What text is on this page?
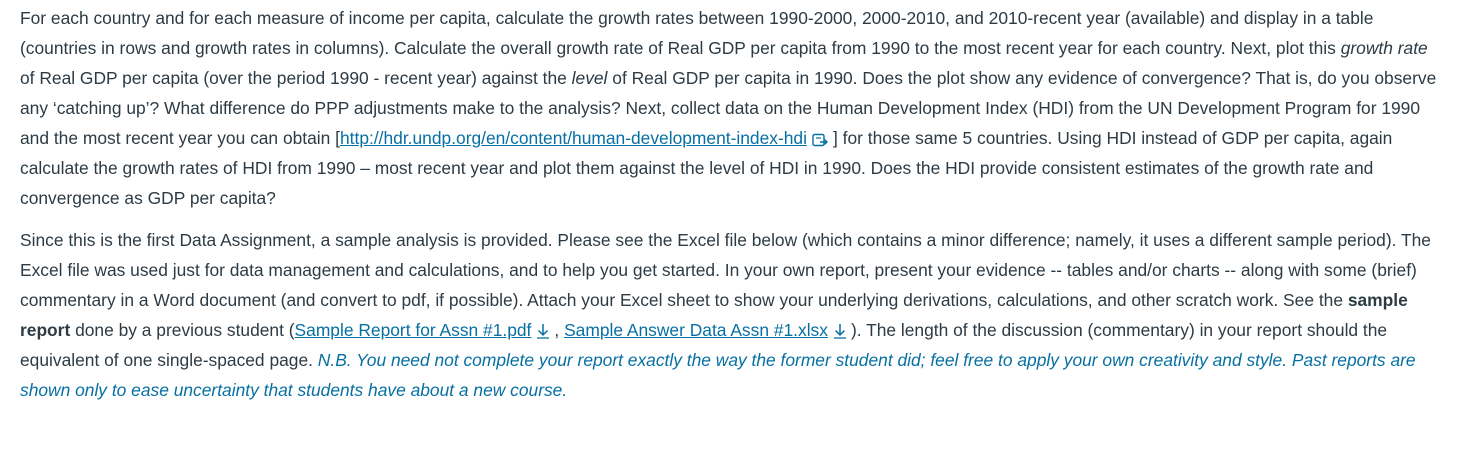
For each country and for each measure of income per capita, calculate the growth rates between 1990-2000, 2000-2010, and 2010-recent year (available) and display in a table (countries in rows and growth rates in columns). Calculate the overall growth rate of Real GDP per capita from 1990 to the most recent year for each country. Next, plot this growth rate of Real GDP per capita (over the period 1990 - recent year) against the level of Real GDP per capita in 1990. Does the plot show any evidence of convergence? That is, do you observe any ‘catching up’? What difference do PPP adjustments make to the analysis? Next, collect data on the Human Development Index (HDI) from the UN Development Program for 1990 and the most recent year you can obtain [http://hdr.undp.org/en/content/human-development-index-hdi ] for those same 5 countries. Using HDI instead of GDP per capita, again calculate the growth rates of HDI from 1990 – most recent year and plot them against the level of HDI in 1990. Does the HDI provide consistent estimates of the growth rate and convergence as GDP per capita?

Since this is the first Data Assignment, a sample analysis is provided. Please see the Excel file below (which contains a minor difference; namely, it uses a different sample period). The Excel file was used just for data management and calculations, and to help you get started. In your own report, present your evidence -- tables and/or charts -- along with some (brief) commentary in a Word document (and convert to pdf, if possible). Attach your Excel sheet to show your underlying derivations, calculations, and other scratch work. See the sample report done by a previous student (Sample Report for Assn #1.pdf , Sample Answer Data Assn #1.xlsx ). The length of the discussion (commentary) in your report should the equivalent of one single-spaced page. N.B. You need not complete your report exactly the way the former student did; feel free to apply your own creativity and style. Past reports are shown only to ease uncertainty that students have about a new course.
